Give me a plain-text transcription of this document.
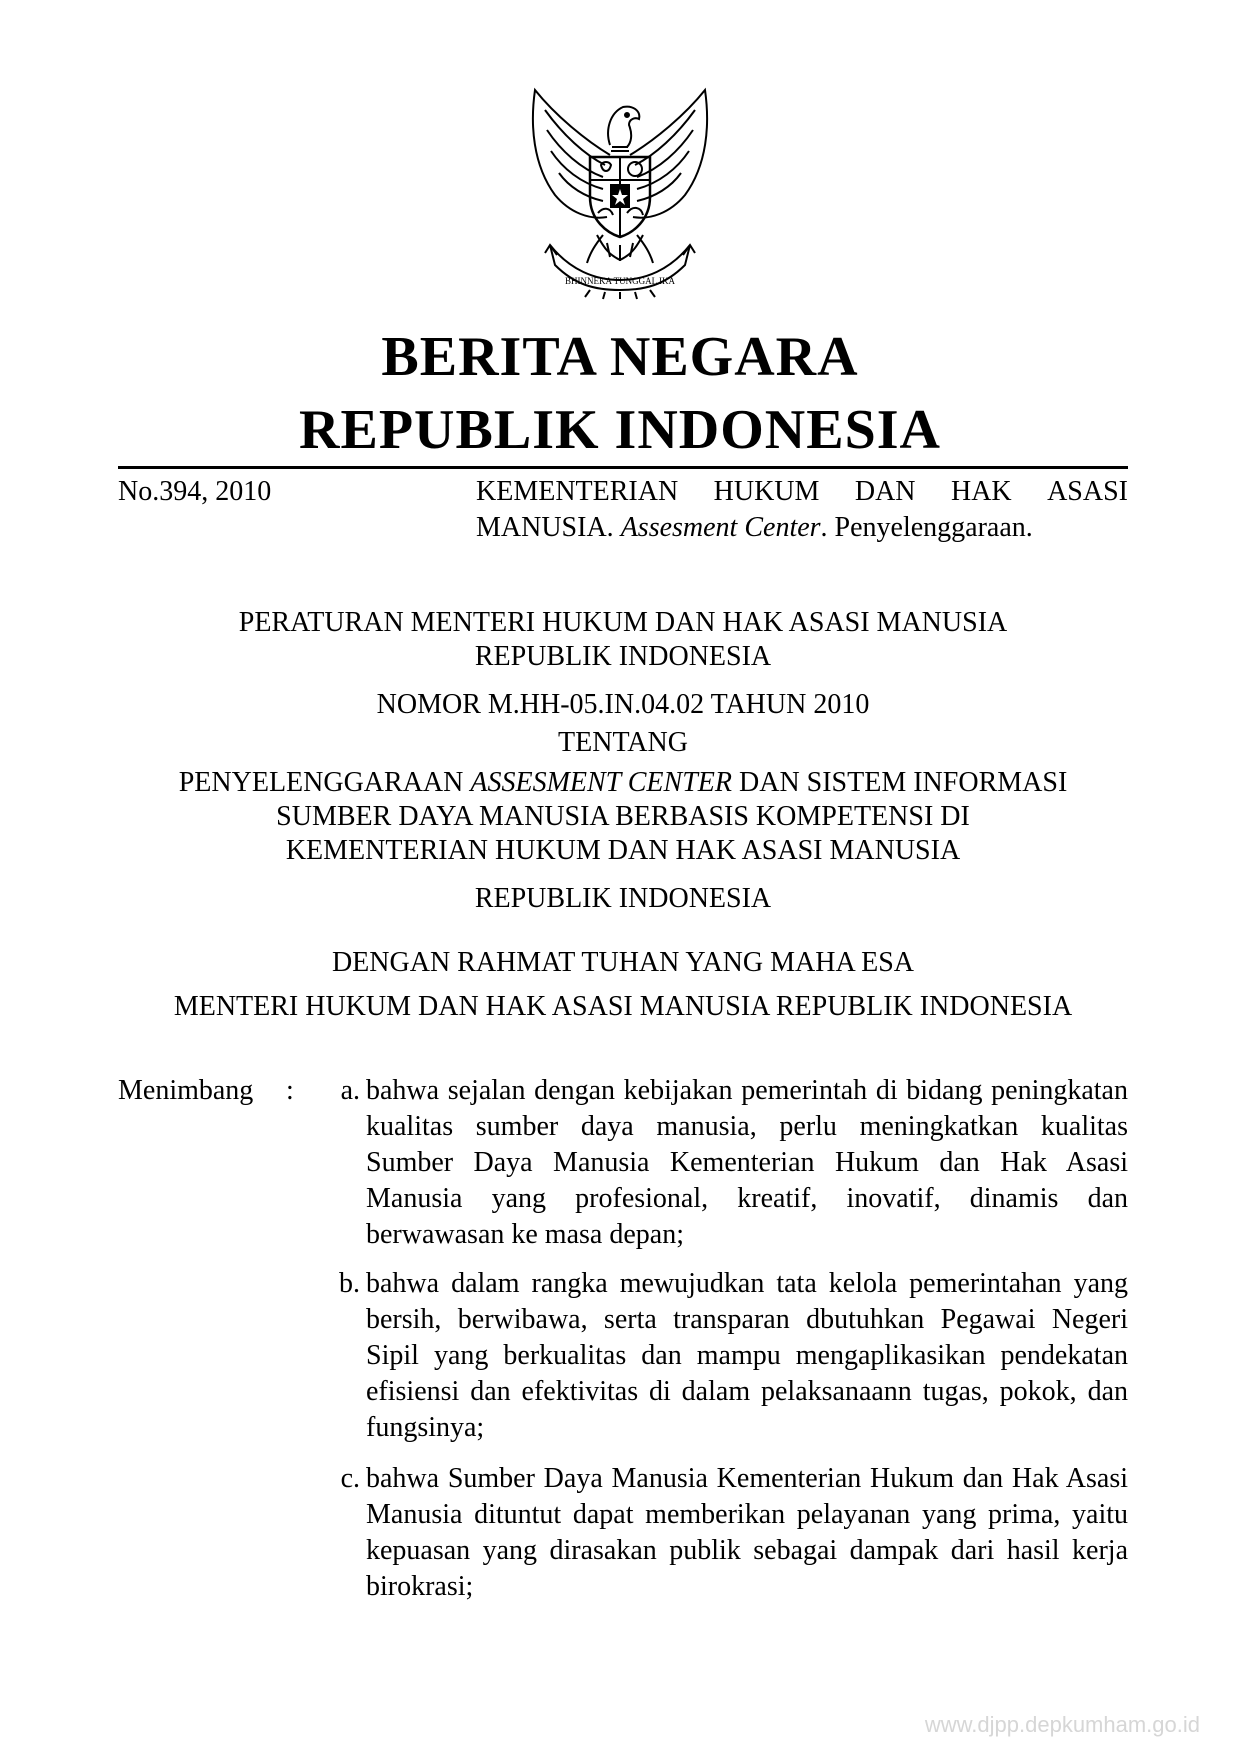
BHINNEKA TUNGGAL IKA
BERITA NEGARA
REPUBLIK INDONESIA
No.394, 2010	KEMENTERIAN HUKUM DAN HAK ASASI
MANUSIA. Assesment Center. Penyelenggaraan.
PERATURAN MENTERI HUKUM DAN HAK ASASI MANUSIA
REPUBLIK INDONESIA
NOMOR M.HH-05.IN.04.02 TAHUN 2010
TENTANG
PENYELENGGARAAN ASSESMENT CENTER DAN SISTEM INFORMASI
SUMBER DAYA MANUSIA BERBASIS KOMPETENSI DI
KEMENTERIAN HUKUM DAN HAK ASASI MANUSIA
REPUBLIK INDONESIA
DENGAN RAHMAT TUHAN YANG MAHA ESA
MENTERI HUKUM DAN HAK ASASI MANUSIA REPUBLIK INDONESIA
Menimbang :	a. bahwa sejalan dengan kebijakan pemerintah di bidang peningkatan kualitas sumber daya manusia, perlu meningkatkan kualitas Sumber Daya Manusia Kementerian Hukum dan Hak Asasi Manusia yang profesional, kreatif, inovatif, dinamis dan berwawasan ke masa depan;
b. bahwa dalam rangka mewujudkan tata kelola pemerintahan yang bersih, berwibawa, serta transparan dbutuhkan Pegawai Negeri Sipil yang berkualitas dan mampu mengaplikasikan pendekatan efisiensi dan efektivitas di dalam pelaksanaann tugas, pokok, dan fungsinya;
c. bahwa Sumber Daya Manusia Kementerian Hukum dan Hak Asasi Manusia dituntut dapat memberikan pelayanan yang prima, yaitu kepuasan yang dirasakan publik sebagai dampak dari hasil kerja birokrasi;
www.djpp.depkumham.go.id
